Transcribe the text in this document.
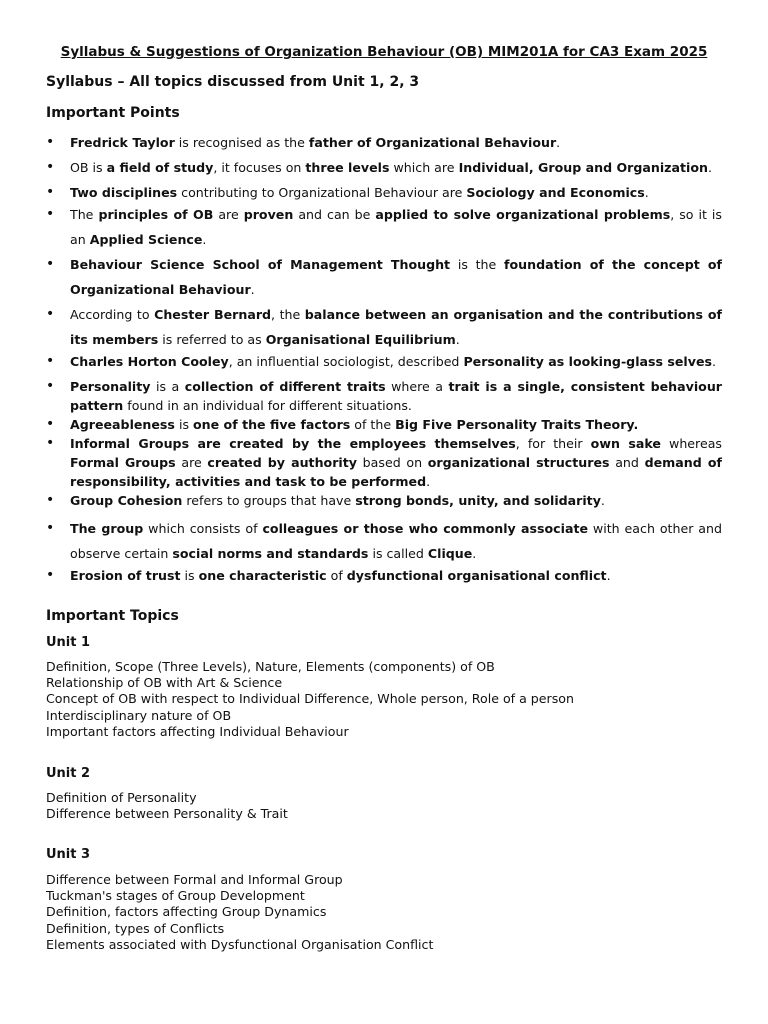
Syllabus & Suggestions of Organization Behaviour (OB) MIM201A for CA3 Exam 2025
Syllabus – All topics discussed from Unit 1, 2, 3
Important Points
• Fredrick Taylor is recognised as the father of Organizational Behaviour.
• OB is a field of study, it focuses on three levels which are Individual, Group and Organization.
• Two disciplines contributing to Organizational Behaviour are Sociology and Economics.
• The principles of OB are proven and can be applied to solve organizational problems, so it is an Applied Science.
• Behaviour Science School of Management Thought is the foundation of the concept of Organizational Behaviour.
• According to Chester Bernard, the balance between an organisation and the contributions of its members is referred to as Organisational Equilibrium.
• Charles Horton Cooley, an influential sociologist, described Personality as looking-glass selves.
• Personality is a collection of different traits where a trait is a single, consistent behaviour pattern found in an individual for different situations.
• Agreeableness is one of the five factors of the Big Five Personality Traits Theory.
• Informal Groups are created by the employees themselves, for their own sake whereas Formal Groups are created by authority based on organizational structures and demand of responsibility, activities and task to be performed.
• Group Cohesion refers to groups that have strong bonds, unity, and solidarity.
• The group which consists of colleagues or those who commonly associate with each other and observe certain social norms and standards is called Clique.
• Erosion of trust is one characteristic of dysfunctional organisational conflict.
Important Topics
Unit 1
Definition, Scope (Three Levels), Nature, Elements (components) of OB
Relationship of OB with Art & Science
Concept of OB with respect to Individual Difference, Whole person, Role of a person
Interdisciplinary nature of OB
Important factors affecting Individual Behaviour
Unit 2
Definition of Personality
Difference between Personality & Trait
Unit 3
Difference between Formal and Informal Group
Tuckman's stages of Group Development
Definition, factors affecting Group Dynamics
Definition, types of Conflicts
Elements associated with Dysfunctional Organisation Conflict
